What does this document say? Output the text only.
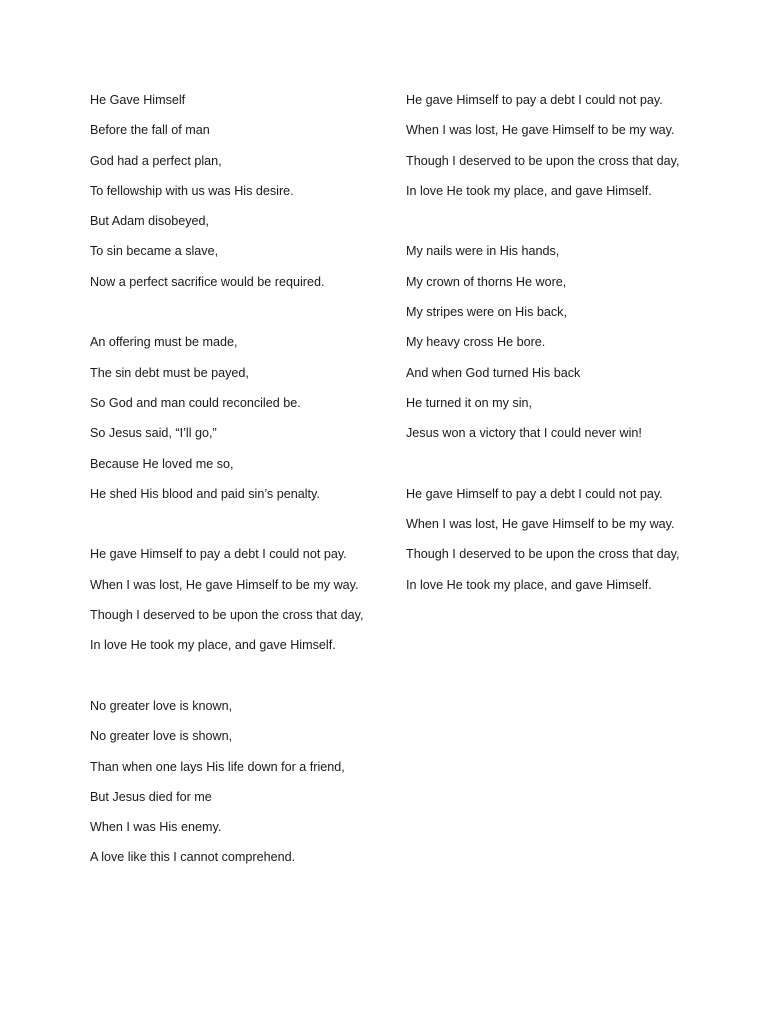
He Gave Himself

Before the fall of man

God had a perfect plan,

To fellowship with us was His desire.

But Adam disobeyed,

To sin became a slave,

Now a perfect sacrifice would be required.

An offering must be made,

The sin debt must be payed,

So God and man could reconciled be.

So Jesus said, “I’ll go,”

Because He loved me so,

He shed His blood and paid sin’s penalty.

He gave Himself to pay a debt I could not pay.

When I was lost, He gave Himself to be my way.

Though I deserved to be upon the cross that day,

In love He took my place, and gave Himself.

No greater love is known,

No greater love is shown,

Than when one lays His life down for a friend,

But Jesus died for me

When I was His enemy.

A love like this I cannot comprehend.

He gave Himself to pay a debt I could not pay.

When I was lost, He gave Himself to be my way.

Though I deserved to be upon the cross that day,

In love He took my place, and gave Himself.

My nails were in His hands,

My crown of thorns He wore,

My stripes were on His back,

My heavy cross He bore.

And when God turned His back

He turned it on my sin,

Jesus won a victory that I could never win!

He gave Himself to pay a debt I could not pay.

When I was lost, He gave Himself to be my way.

Though I deserved to be upon the cross that day,

In love He took my place, and gave Himself.
